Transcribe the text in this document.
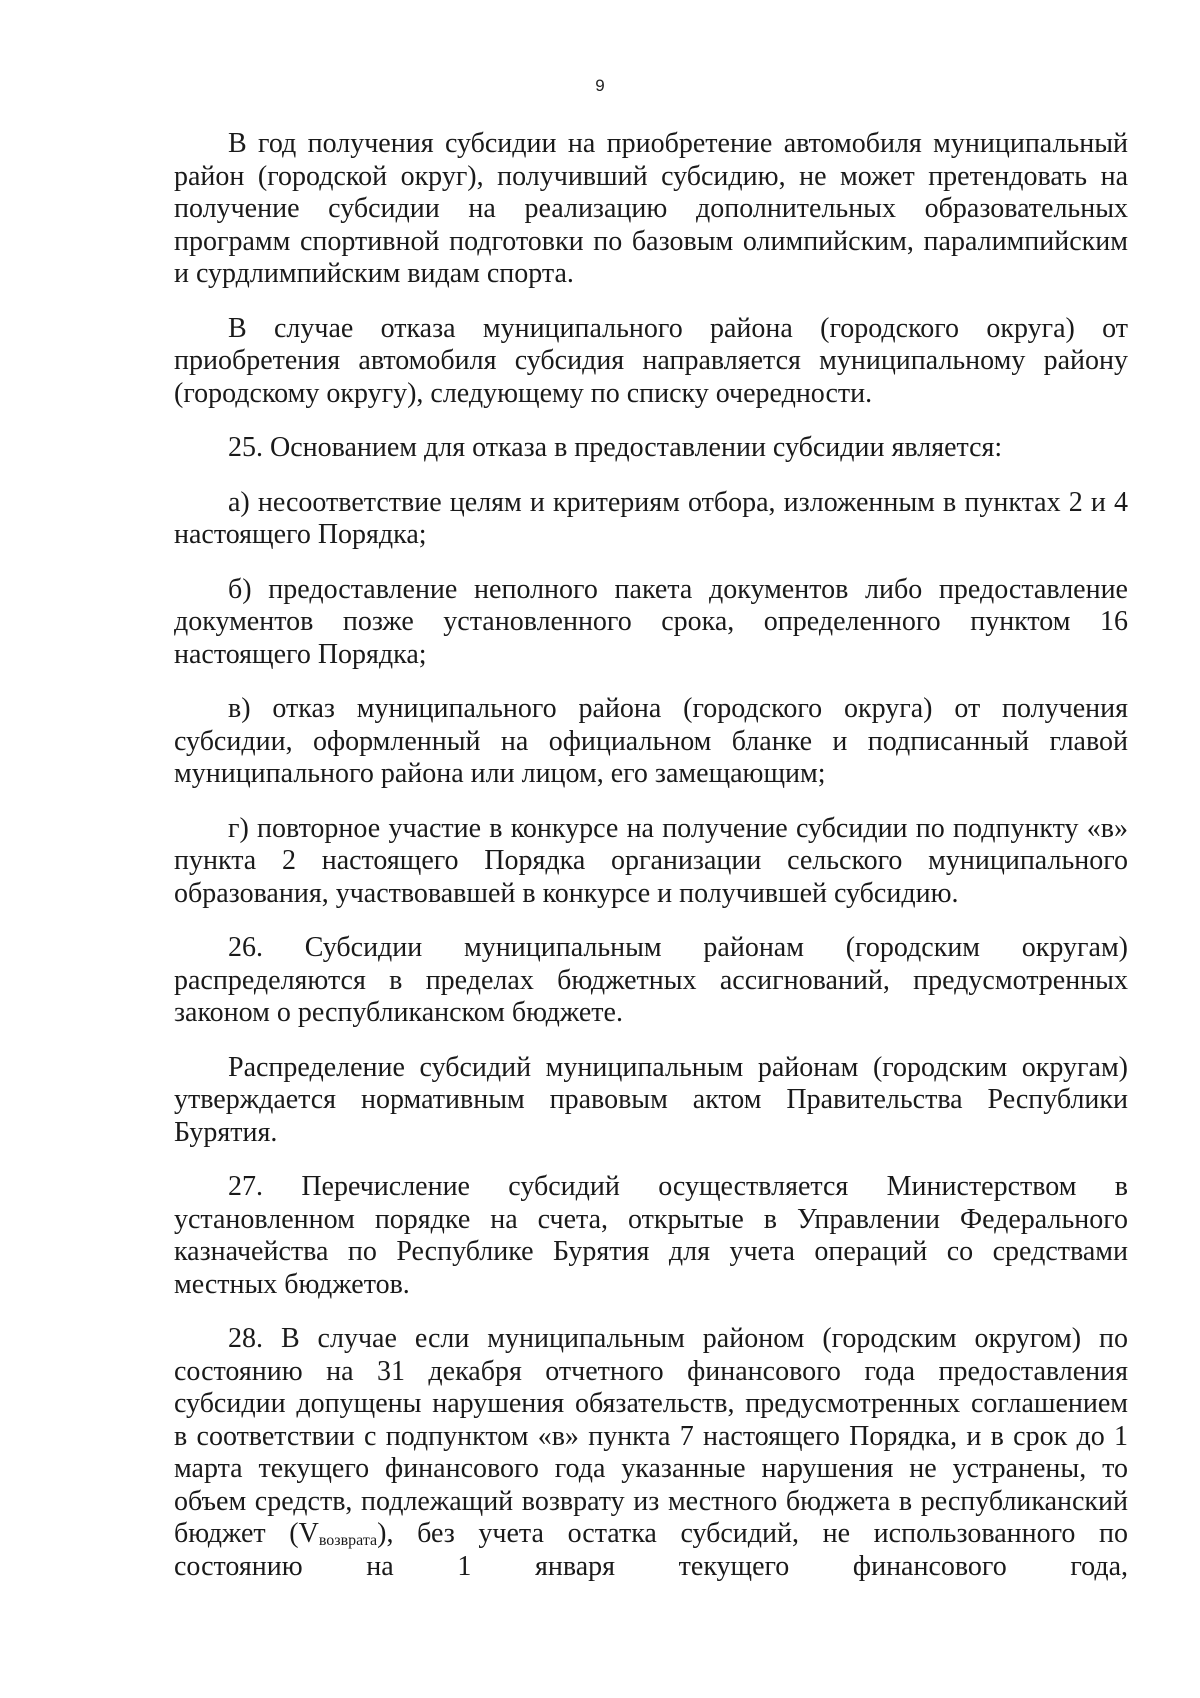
9

В год получения субсидии на приобретение автомобиля муниципальный район (городской округ), получивший субсидию, не может претендовать на получение субсидии на реализацию дополнительных образовательных программ спортивной подготовки по базовым олимпийским, паралимпийским и сурдлимпийским видам спорта.

В случае отказа муниципального района (городского округа) от приобретения автомобиля субсидия направляется муниципальному району (городскому округу), следующему по списку очередности.

25. Основанием для отказа в предоставлении субсидии является:

а) несоответствие целям и критериям отбора, изложенным в пунктах 2 и 4 настоящего Порядка;

б) предоставление неполного пакета документов либо предоставление документов позже установленного срока, определенного пунктом 16 настоящего Порядка;

в) отказ муниципального района (городского округа) от получения субсидии, оформленный на официальном бланке и подписанный главой муниципального района или лицом, его замещающим;

г) повторное участие в конкурсе на получение субсидии по подпункту «в» пункта 2 настоящего Порядка организации сельского муниципального образования, участвовавшей в конкурсе и получившей субсидию.

26. Субсидии муниципальным районам (городским округам) распределяются в пределах бюджетных ассигнований, предусмотренных законом о республиканском бюджете.

Распределение субсидий муниципальным районам (городским округам) утверждается нормативным правовым актом Правительства Республики Бурятия.

27. Перечисление субсидий осуществляется Министерством в установленном порядке на счета, открытые в Управлении Федерального казначейства по Республике Бурятия для учета операций со средствами местных бюджетов.

28. В случае если муниципальным районом (городским округом) по состоянию на 31 декабря отчетного финансового года предоставления субсидии допущены нарушения обязательств, предусмотренных соглашением в соответствии с подпунктом «в» пункта 7 настоящего Порядка, и в срок до 1 марта текущего финансового года указанные нарушения не устранены, то объем средств, подлежащий возврату из местного бюджета в республиканский бюджет $(V_{возврата})$, без учета остатка субсидий, не использованного по состоянию на 1 января текущего финансового года,
